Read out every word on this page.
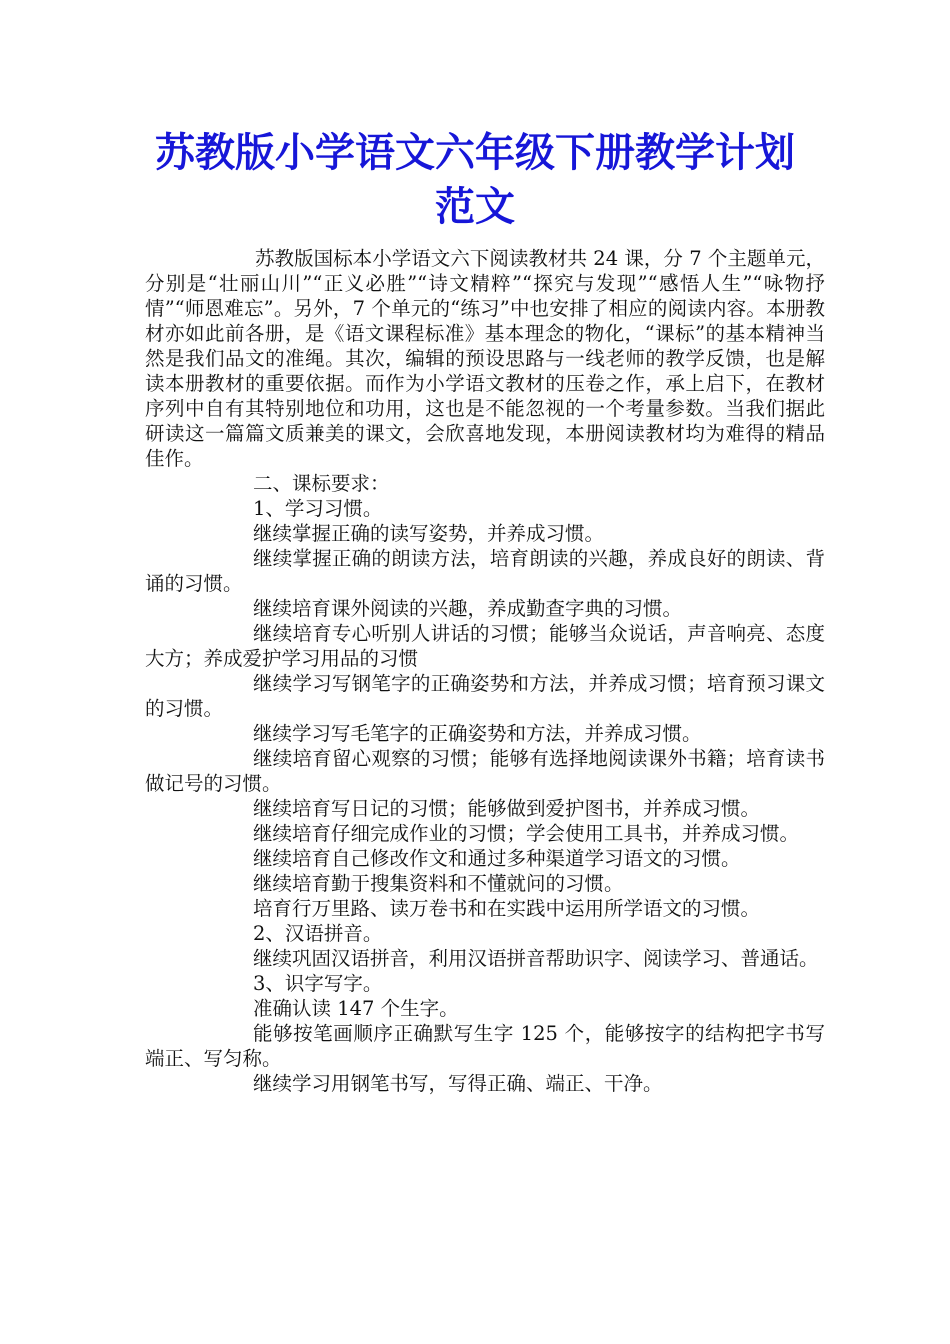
苏教版小学语文六年级下册教学计划范文

苏教版国标本小学语文六下阅读教材共 24 课，分 7 个主题单元，分别是“壮丽山川”“正义必胜”“诗文精粹”“探究与发现”“感悟人生”“咏物抒情”“师恩难忘”。另外，7 个单元的“练习”中也安排了相应的阅读内容。本册教材亦如此前各册，是《语文课程标准》基本理念的物化，“课标”的基本精神当然是我们品文的准绳。其次，编辑的预设思路与一线老师的教学反馈，也是解读本册教材的重要依据。而作为小学语文教材的压卷之作，承上启下，在教材序列中自有其特别地位和功用，这也是不能忽视的一个考量参数。当我们据此研读这一篇篇文质兼美的课文，会欣喜地发现，本册阅读教材均为难得的精品佳作。

二、课标要求：

1、学习习惯。

继续掌握正确的读写姿势，并养成习惯。

继续掌握正确的朗读方法，培育朗读的兴趣，养成良好的朗读、背诵的习惯。

继续培育课外阅读的兴趣，养成勤查字典的习惯。

继续培育专心听别人讲话的习惯；能够当众说话，声音响亮、态度大方；养成爱护学习用品的习惯

继续学习写钢笔字的正确姿势和方法，并养成习惯；培育预习课文的习惯。

继续学习写毛笔字的正确姿势和方法，并养成习惯。

继续培育留心观察的习惯；能够有选择地阅读课外书籍；培育读书做记号的习惯。

继续培育写日记的习惯；能够做到爱护图书，并养成习惯。

继续培育仔细完成作业的习惯；学会使用工具书，并养成习惯。

继续培育自己修改作文和通过多种渠道学习语文的习惯。

继续培育勤于搜集资料和不懂就问的习惯。

培育行万里路、读万卷书和在实践中运用所学语文的习惯。

2、汉语拼音。

继续巩固汉语拼音，利用汉语拼音帮助识字、阅读学习、普通话。

3、识字写字。

准确认读 147 个生字。

能够按笔画顺序正确默写生字 125 个，能够按字的结构把字书写端正、写匀称。

继续学习用钢笔书写，写得正确、端正、干净。
